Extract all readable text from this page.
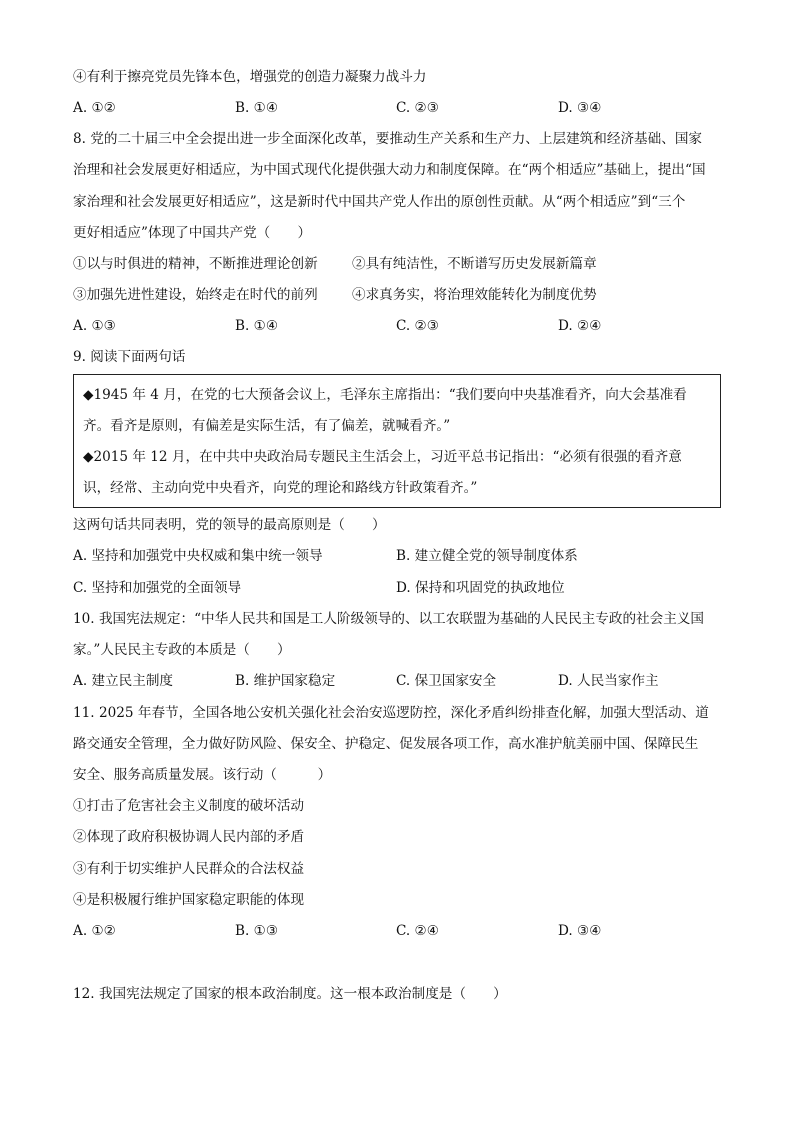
④有利于擦亮党员先锋本色，增强党的创造力凝聚力战斗力
A. ①②	B. ①④	C. ②③	D. ③④
8. 党的二十届三中全会提出进一步全面深化改革，要推动生产关系和生产力、上层建筑和经济基础、国家
治理和社会发展更好相适应，为中国式现代化提供强大动力和制度保障。在“两个相适应”基础上，提出“国
家治理和社会发展更好相适应”，这是新时代中国共产党人作出的原创性贡献。从“两个相适应”到“三个
更好相适应”体现了中国共产党（　　）
①以与时俱进的精神，不断推进理论创新	②具有纯洁性，不断谱写历史发展新篇章
③加强先进性建设，始终走在时代的前列	④求真务实，将治理效能转化为制度优势
A. ①③	B. ①④	C. ②③	D. ②④
9. 阅读下面两句话
◆1945 年 4 月，在党的七大预备会议上，毛泽东主席指出：“我们要向中央基准看齐，向大会基准看
齐。看齐是原则，有偏差是实际生活，有了偏差，就喊看齐。”
◆2015 年 12 月，在中共中央政治局专题民主生活会上，习近平总书记指出：“必须有很强的看齐意
识，经常、主动向党中央看齐，向党的理论和路线方针政策看齐。”
这两句话共同表明，党的领导的最高原则是（　　）
A. 坚持和加强党中央权威和集中统一领导	B. 建立健全党的领导制度体系
C. 坚持和加强党的全面领导	D. 保持和巩固党的执政地位
10. 我国宪法规定：“中华人民共和国是工人阶级领导的、以工农联盟为基础的人民民主专政的社会主义国
家。”人民民主专政的本质是（　　）
A. 建立民主制度	B. 维护国家稳定	C. 保卫国家安全	D. 人民当家作主
11. 2025 年春节，全国各地公安机关强化社会治安巡逻防控，深化矛盾纠纷排查化解，加强大型活动、道
路交通安全管理，全力做好防风险、保安全、护稳定、促发展各项工作，高水准护航美丽中国、保障民生
安全、服务高质量发展。该行动（　　　）
①打击了危害社会主义制度的破坏活动
②体现了政府积极协调人民内部的矛盾
③有利于切实维护人民群众的合法权益
④是积极履行维护国家稳定职能的体现
A. ①②	B. ①③	C. ②④	D. ③④
12. 我国宪法规定了国家的根本政治制度。这一根本政治制度是（　　）
